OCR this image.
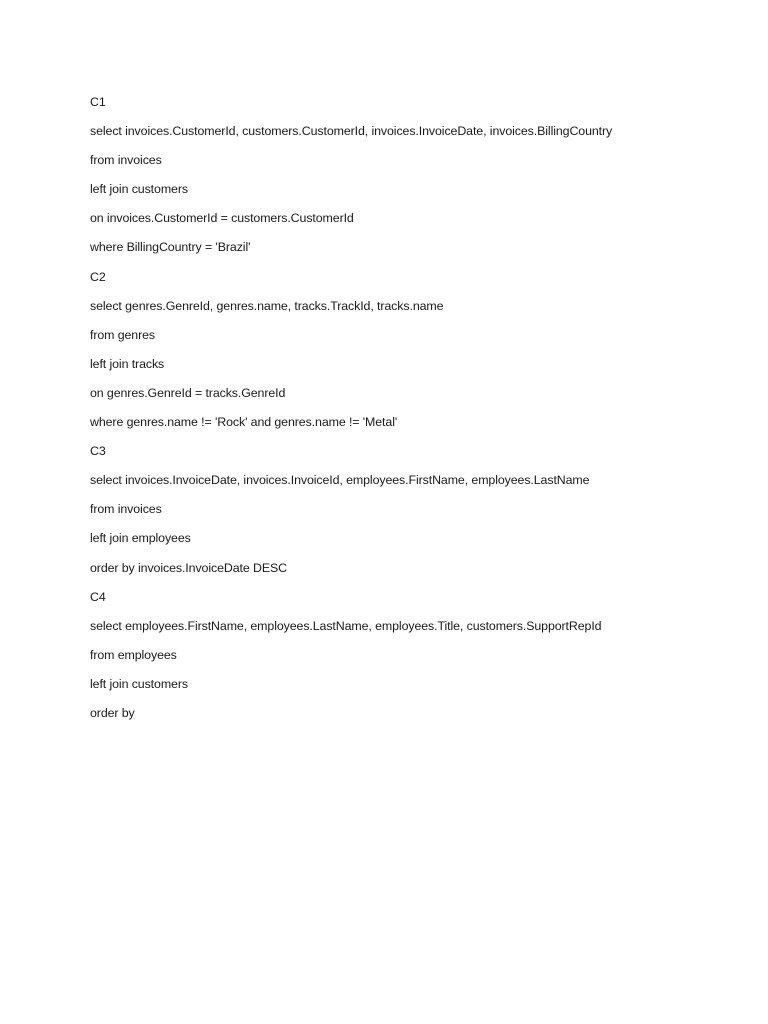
C1
select invoices.CustomerId, customers.CustomerId, invoices.InvoiceDate, invoices.BillingCountry
from invoices
left join customers
on invoices.CustomerId = customers.CustomerId
where BillingCountry = 'Brazil'
C2
select genres.GenreId, genres.name, tracks.TrackId, tracks.name
from genres
left join tracks
on genres.GenreId = tracks.GenreId
where genres.name != 'Rock' and genres.name != 'Metal'
C3
select invoices.InvoiceDate, invoices.InvoiceId, employees.FirstName, employees.LastName
from invoices
left join employees
order by invoices.InvoiceDate DESC
C4
select employees.FirstName, employees.LastName, employees.Title, customers.SupportRepId
from employees
left join customers
order by
